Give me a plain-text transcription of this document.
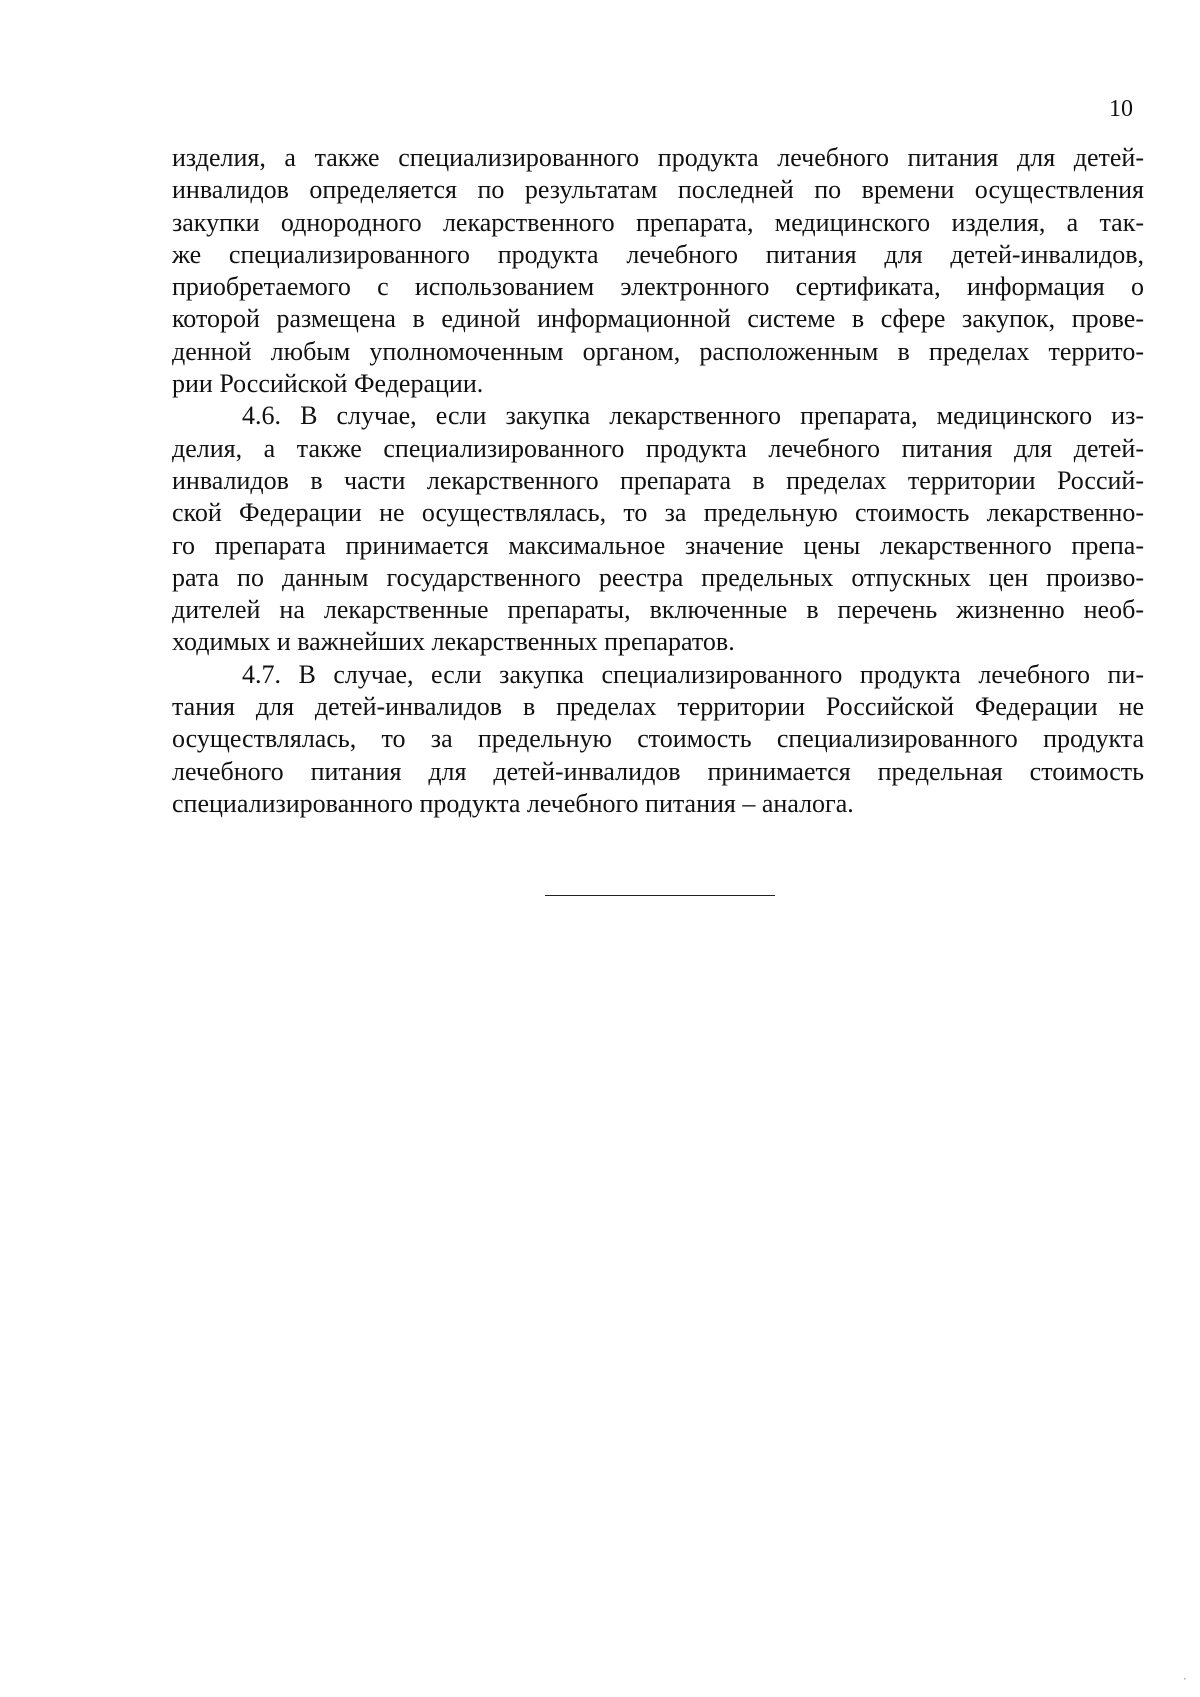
10
изделия, а также специализированного продукта лечебного питания для детей-
инвалидов определяется по результатам последней по времени осуществления
закупки однородного лекарственного препарата, медицинского изделия, а так-
же специализированного продукта лечебного питания для детей-инвалидов,
приобретаемого с использованием электронного сертификата, информация о
которой размещена в единой информационной системе в сфере закупок, прове-
денной любым уполномоченным органом, расположенным в пределах террито-
рии Российской Федерации.
4.6. В случае, если закупка лекарственного препарата, медицинского из-
делия, а также специализированного продукта лечебного питания для детей-
инвалидов в части лекарственного препарата в пределах территории Россий-
ской Федерации не осуществлялась, то за предельную стоимость лекарственно-
го препарата принимается максимальное значение цены лекарственного препа-
рата по данным государственного реестра предельных отпускных цен произво-
дителей на лекарственные препараты, включенные в перечень жизненно необ-
ходимых и важнейших лекарственных препаратов.
4.7. В случае, если закупка специализированного продукта лечебного пи-
тания для детей-инвалидов в пределах территории Российской Федерации не
осуществлялась, то за предельную стоимость специализированного продукта
лечебного питания для детей-инвалидов принимается предельная стоимость
специализированного продукта лечебного питания – аналога.
·
